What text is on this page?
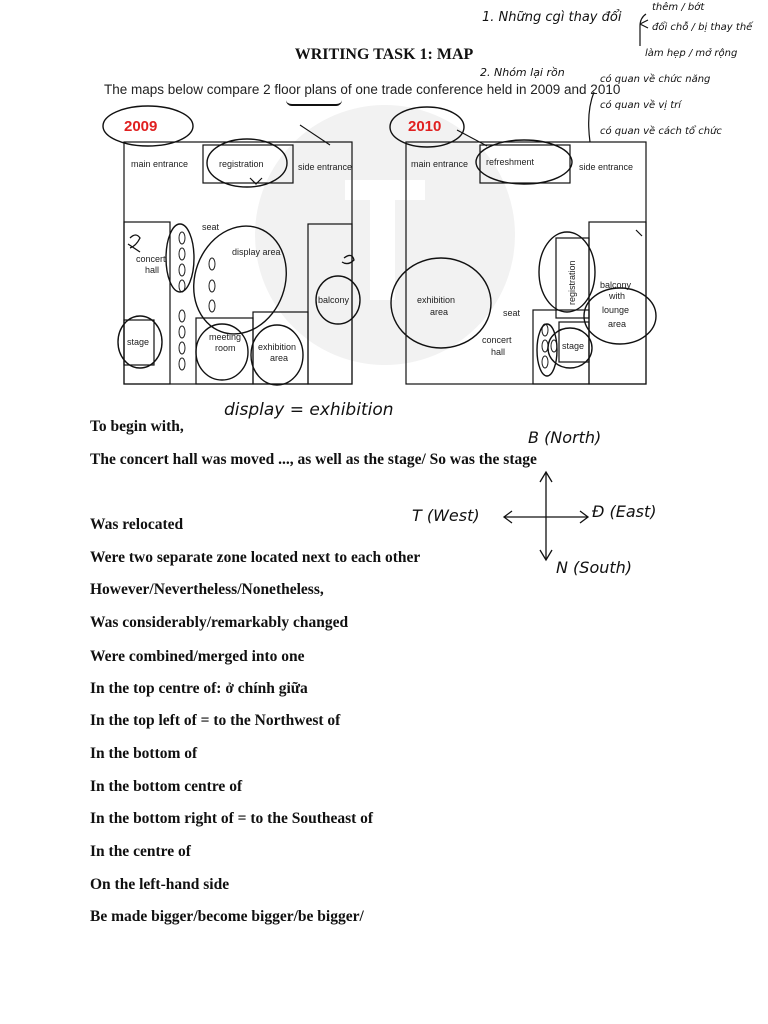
WRITING TASK 1: MAP
The maps below compare 2 floor plans of one trade conference held in 2009 and 2010
2009
main entrance	registration	side entrance
seat
display area
concert
hall
balcony
stage	meeting
room exhibition
area
2010
main entrance refreshment	side entrance
exhibition
area
registration	balcony
with
lounge
area
seat
concert
hall
stage
1. Những cgì thay đổi
2. Nhóm lại rồn
thêm / bớt
đổi chỗ / bị thay thế
làm hẹp / mở rộng
có quan về chức năng
có quan về vị trí
có quan về cách tổ chức
display = exhibition
B (North)
T (West)	Đ (East)
N (South)
To begin with,
The concert hall was moved ..., as well as the stage/ So was the stage
Was relocated
Were two separate zone located next to each other
However/Nevertheless/Nonetheless,
Was considerably/remarkably changed
Were combined/merged into one
In the top centre of: ở chính giữa
In the top left of = to the Northwest of
In the bottom of
In the bottom centre of
In the bottom right of = to the Southeast of
In the centre of
On the left-hand side
Be made bigger/become bigger/be bigger/
